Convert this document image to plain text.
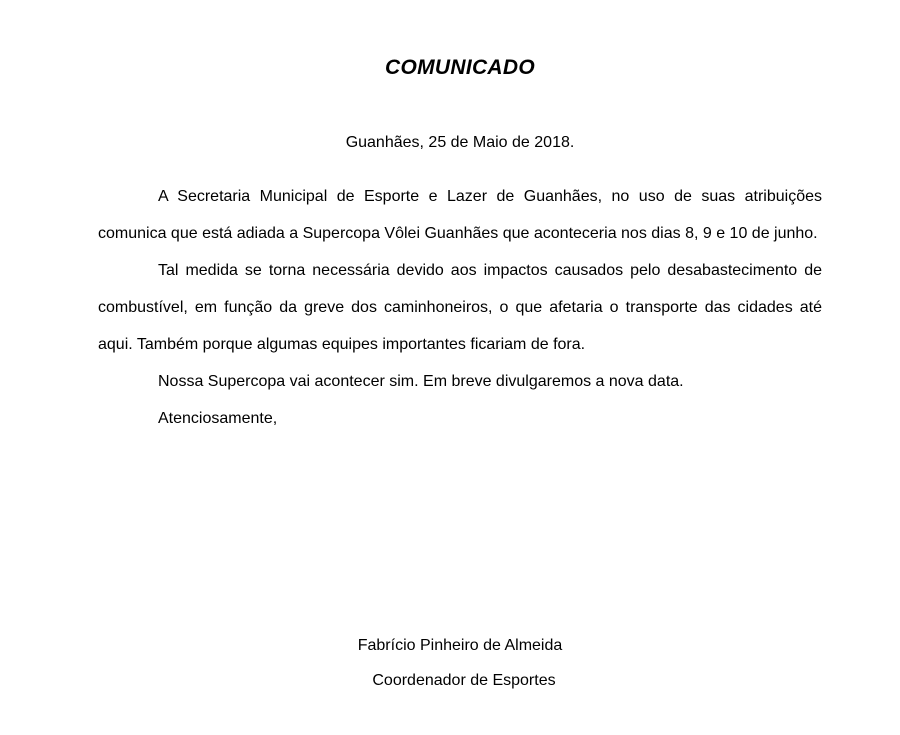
COMUNICADO
Guanhães, 25 de Maio de 2018.

A Secretaria Municipal de Esporte e Lazer de Guanhães, no uso de suas atribuições comunica que está adiada a Supercopa Vôlei Guanhães que aconteceria nos dias 8, 9 e 10 de junho.

Tal medida se torna necessária devido aos impactos causados pelo desabastecimento de combustível, em função da greve dos caminhoneiros, o que afetaria o transporte das cidades até aqui. Também porque algumas equipes importantes ficariam de fora.

Nossa Supercopa vai acontecer sim. Em breve divulgaremos a nova data.

Atenciosamente,

Fabrício Pinheiro de Almeida
Coordenador de Esportes
